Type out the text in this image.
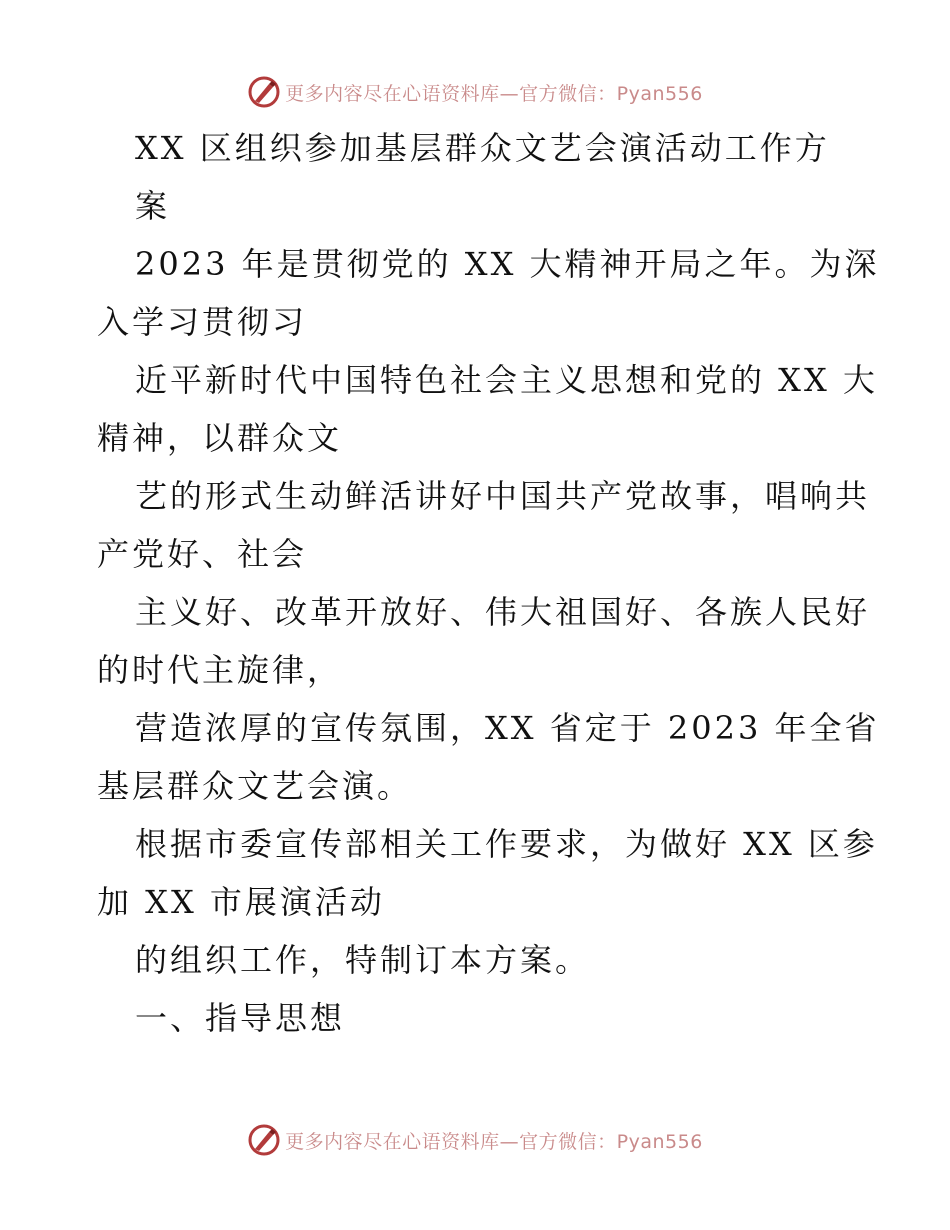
更多内容尽在心语资料库—官方微信：Pyan556
XX 区组织参加基层群众文艺会演活动工作方
案
2023 年是贯彻党的 XX 大精神开局之年。为深
入学习贯彻习
近平新时代中国特色社会主义思想和党的 XX 大
精神，以群众文
艺的形式生动鲜活讲好中国共产党故事，唱响共
产党好、社会
主义好、改革开放好、伟大祖国好、各族人民好
的时代主旋律，
营造浓厚的宣传氛围，XX 省定于 2023 年全省
基层群众文艺会演。
根据市委宣传部相关工作要求，为做好 XX 区参
加 XX 市展演活动
的组织工作，特制订本方案。
一、指导思想
更多内容尽在心语资料库—官方微信：Pyan556
